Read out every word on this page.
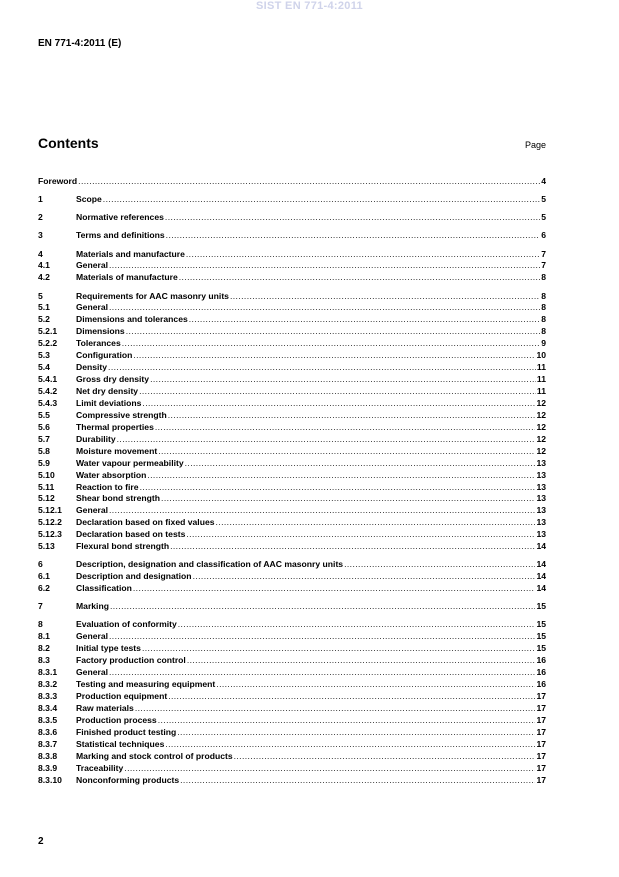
SIST EN 771-4:2011
EN 771-4:2011 (E)
Contents	Page
Foreword .....	4
1	Scope .....	5
2	Normative references .....	5
3	Terms and definitions .....	6
4	Materials and manufacture .....	7
4.1	General .....	7
4.2	Materials of manufacture .....	8
5	Requirements for AAC masonry units .....	8
5.1	General .....	8
5.2	Dimensions and tolerances .....	8
5.2.1	Dimensions .....	8
5.2.2	Tolerances .....	9
5.3	Configuration .....	10
5.4	Density .....	11
5.4.1	Gross dry density .....	11
5.4.2	Net dry density .....	11
5.4.3	Limit deviations .....	12
5.5	Compressive strength .....	12
5.6	Thermal properties .....	12
5.7	Durability .....	12
5.8	Moisture movement .....	12
5.9	Water vapour permeability .....	13
5.10	Water absorption .....	13
5.11	Reaction to fire .....	13
5.12	Shear bond strength .....	13
5.12.1	General .....	13
5.12.2	Declaration based on fixed values .....	13
5.12.3	Declaration based on tests .....	13
5.13	Flexural bond strength .....	14
6	Description, designation and classification of AAC masonry units .....	14
6.1	Description and designation .....	14
6.2	Classification .....	14
7	Marking .....	15
8	Evaluation of conformity .....	15
8.1	General .....	15
8.2	Initial type tests .....	15
8.3	Factory production control .....	16
8.3.1	General .....	16
8.3.2	Testing and measuring equipment .....	16
8.3.3	Production equipment .....	17
8.3.4	Raw materials .....	17
8.3.5	Production process .....	17
8.3.6	Finished product testing .....	17
8.3.7	Statistical techniques .....	17
8.3.8	Marking and stock control of products .....	17
8.3.9	Traceability .....	17
8.3.10	Nonconforming products .....	17
2
